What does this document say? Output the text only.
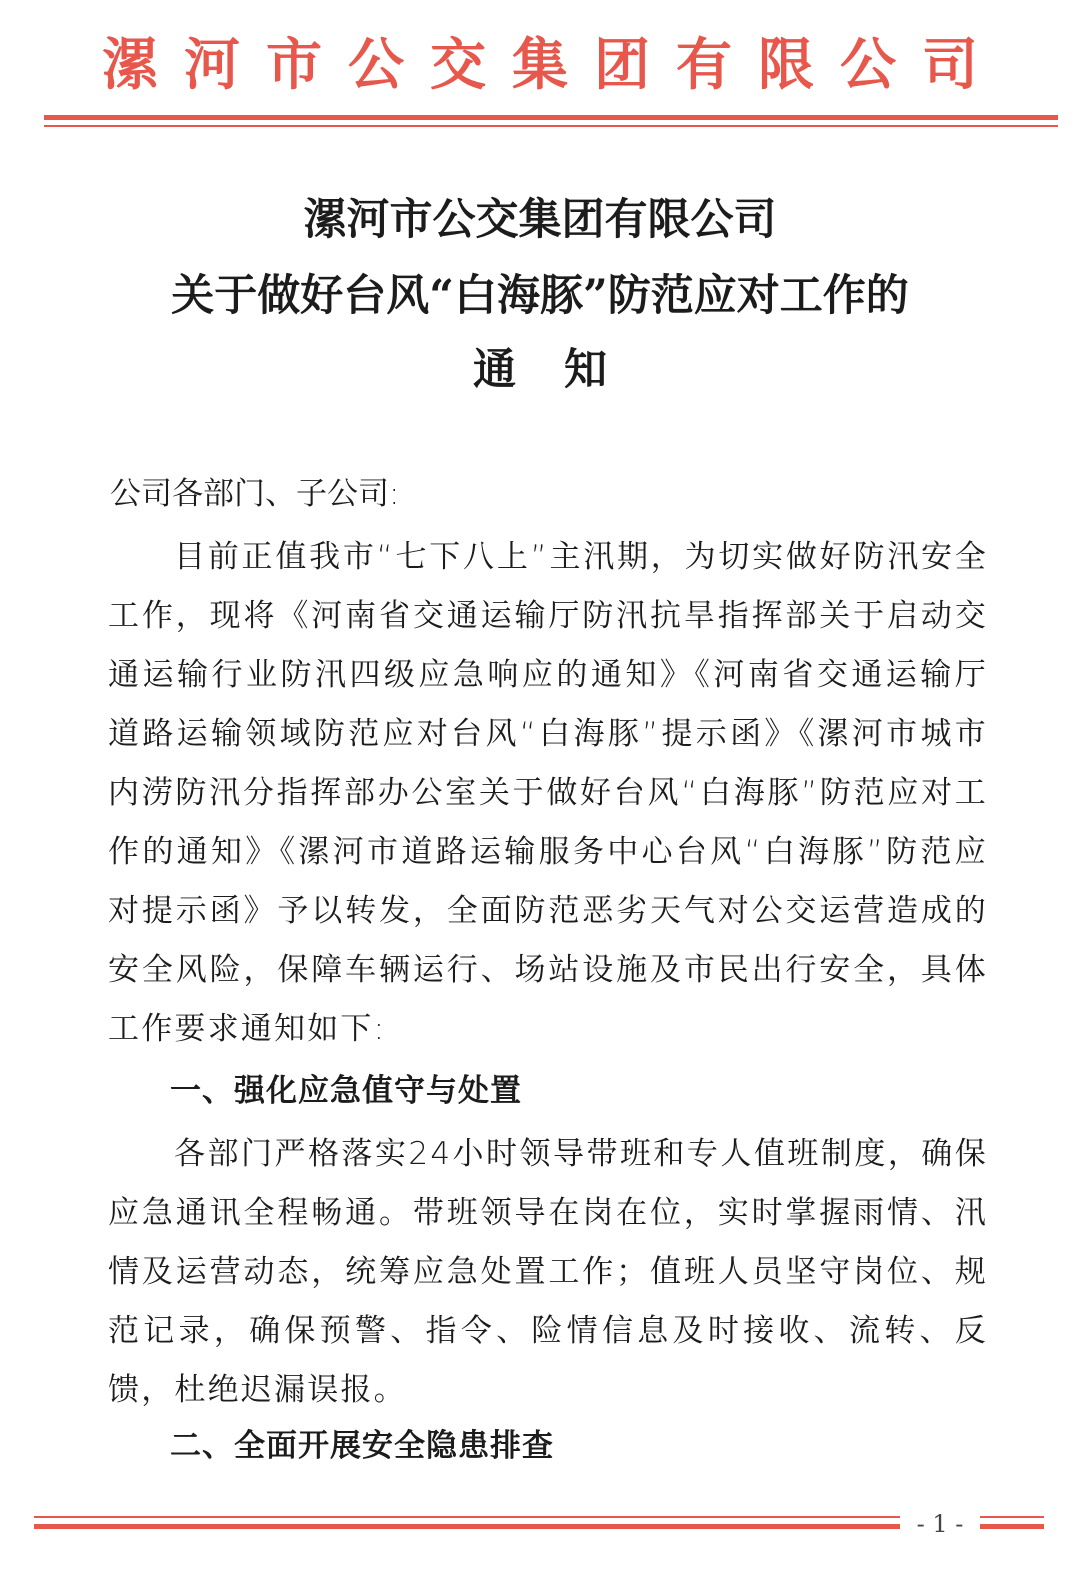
漯河市公交集团有限公司
漯河市公交集团有限公司
关于做好台风“白海豚”防范应对工作的
通知
公司各部门、子公司:

目前正值我市“七下八上”主汛期，为切实做好防汛安全工作，现将《河南省交通运输厅防汛抗旱指挥部关于启动交通运输行业防汛四级应急响应的通知》《河南省交通运输厅道路运输领域防范应对台风“白海豚”提示函》《漯河市城市内涝防汛分指挥部办公室关于做好台风“白海豚”防范应对工作的通知》《漯河市道路运输服务中心台风“白海豚”防范应对提示函》予以转发，全面防范恶劣天气对公交运营造成的安全风险，保障车辆运行、场站设施及市民出行安全，具体工作要求通知如下:

一、强化应急值守与处置

各部门严格落实24小时领导带班和专人值班制度，确保应急通讯全程畅通。带班领导在岗在位，实时掌握雨情、汛情及运营动态，统筹应急处置工作；值班人员坚守岗位、规范记录，确保预警、指令、险情信息及时接收、流转、反馈，杜绝迟漏误报。

二、全面开展安全隐患排查
- 1 -
